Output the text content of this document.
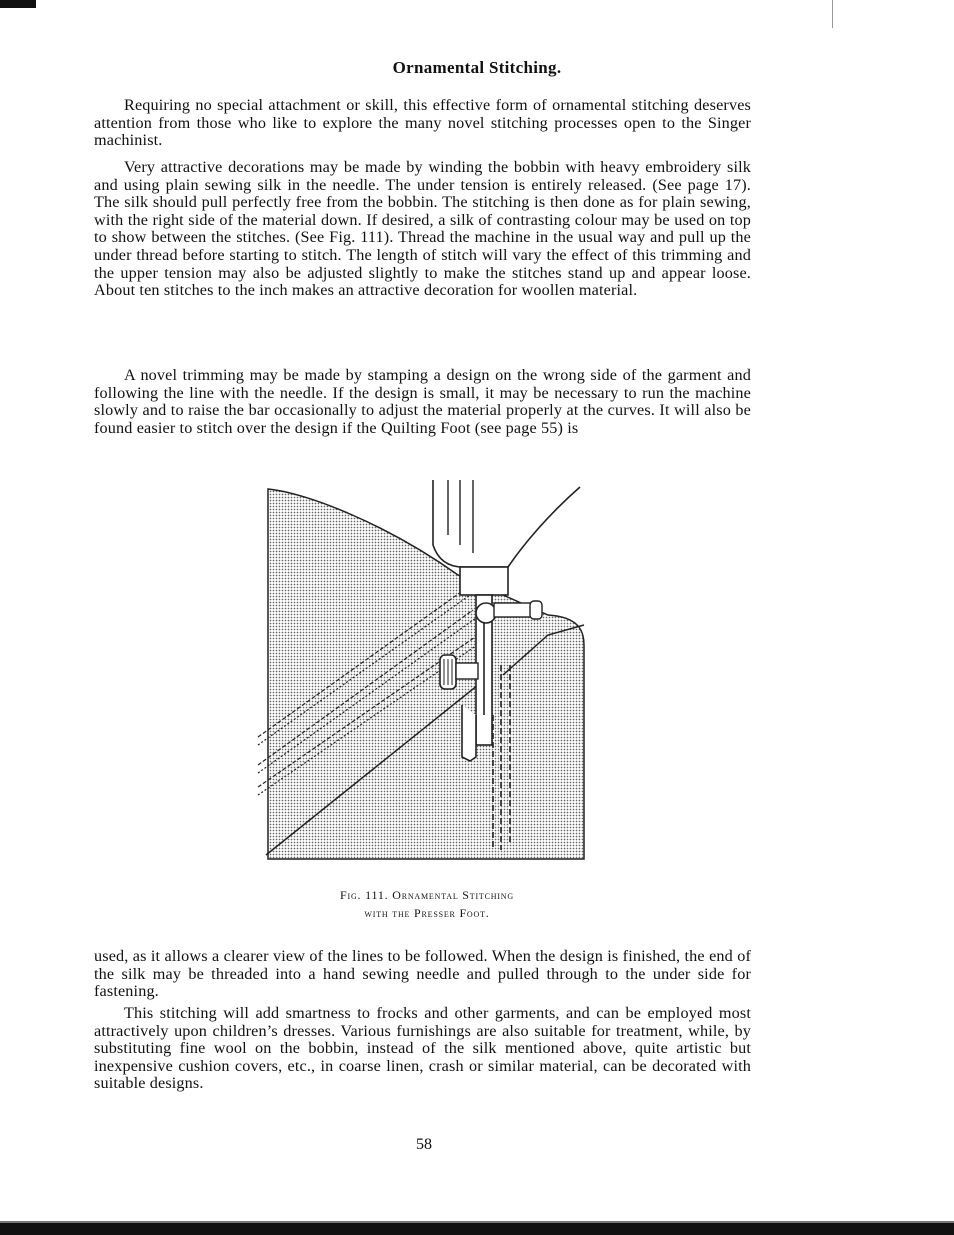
Ornamental Stitching.

Requiring no special attachment or skill, this effective form of ornamental stitching deserves attention from those who like to explore the many novel stitching processes open to the Singer machinist.

Very attractive decorations may be made by winding the bobbin with heavy embroidery silk and using plain sewing silk in the needle. The under tension is entirely released. (See page 17). The silk should pull perfectly free from the bobbin. The stitching is then done as for plain sewing, with the right side of the material down. If desired, a silk of contrasting colour may be used on top to show between the stitches. (See Fig. 111). Thread the machine in the usual way and pull up the under thread before starting to stitch. The length of stitch will vary the effect of this trimming and the upper tension may also be adjusted slightly to make the stitches stand up and appear loose. About ten stitches to the inch makes an attractive decoration for woollen material.

A novel trimming may be made by stamping a design on the wrong side of the garment and following the line with the needle. If the design is small, it may be necessary to run the machine slowly and to raise the bar occasionally to adjust the material properly at the curves. It will also be found easier to stitch over the design if the Quilting Foot (see page 55) is

Fig. 111. Ornamental Stitching
with the Presser Foot.

used, as it allows a clearer view of the lines to be followed. When the design is finished, the end of the silk may be threaded into a hand sewing needle and pulled through to the under side for fastening.

This stitching will add smartness to frocks and other garments, and can be employed most attractively upon children’s dresses. Various furnishings are also suitable for treatment, while, by substituting fine wool on the bobbin, instead of the silk mentioned above, quite artistic but inexpensive cushion covers, etc., in coarse linen, crash or similar material, can be decorated with suitable designs.

58
